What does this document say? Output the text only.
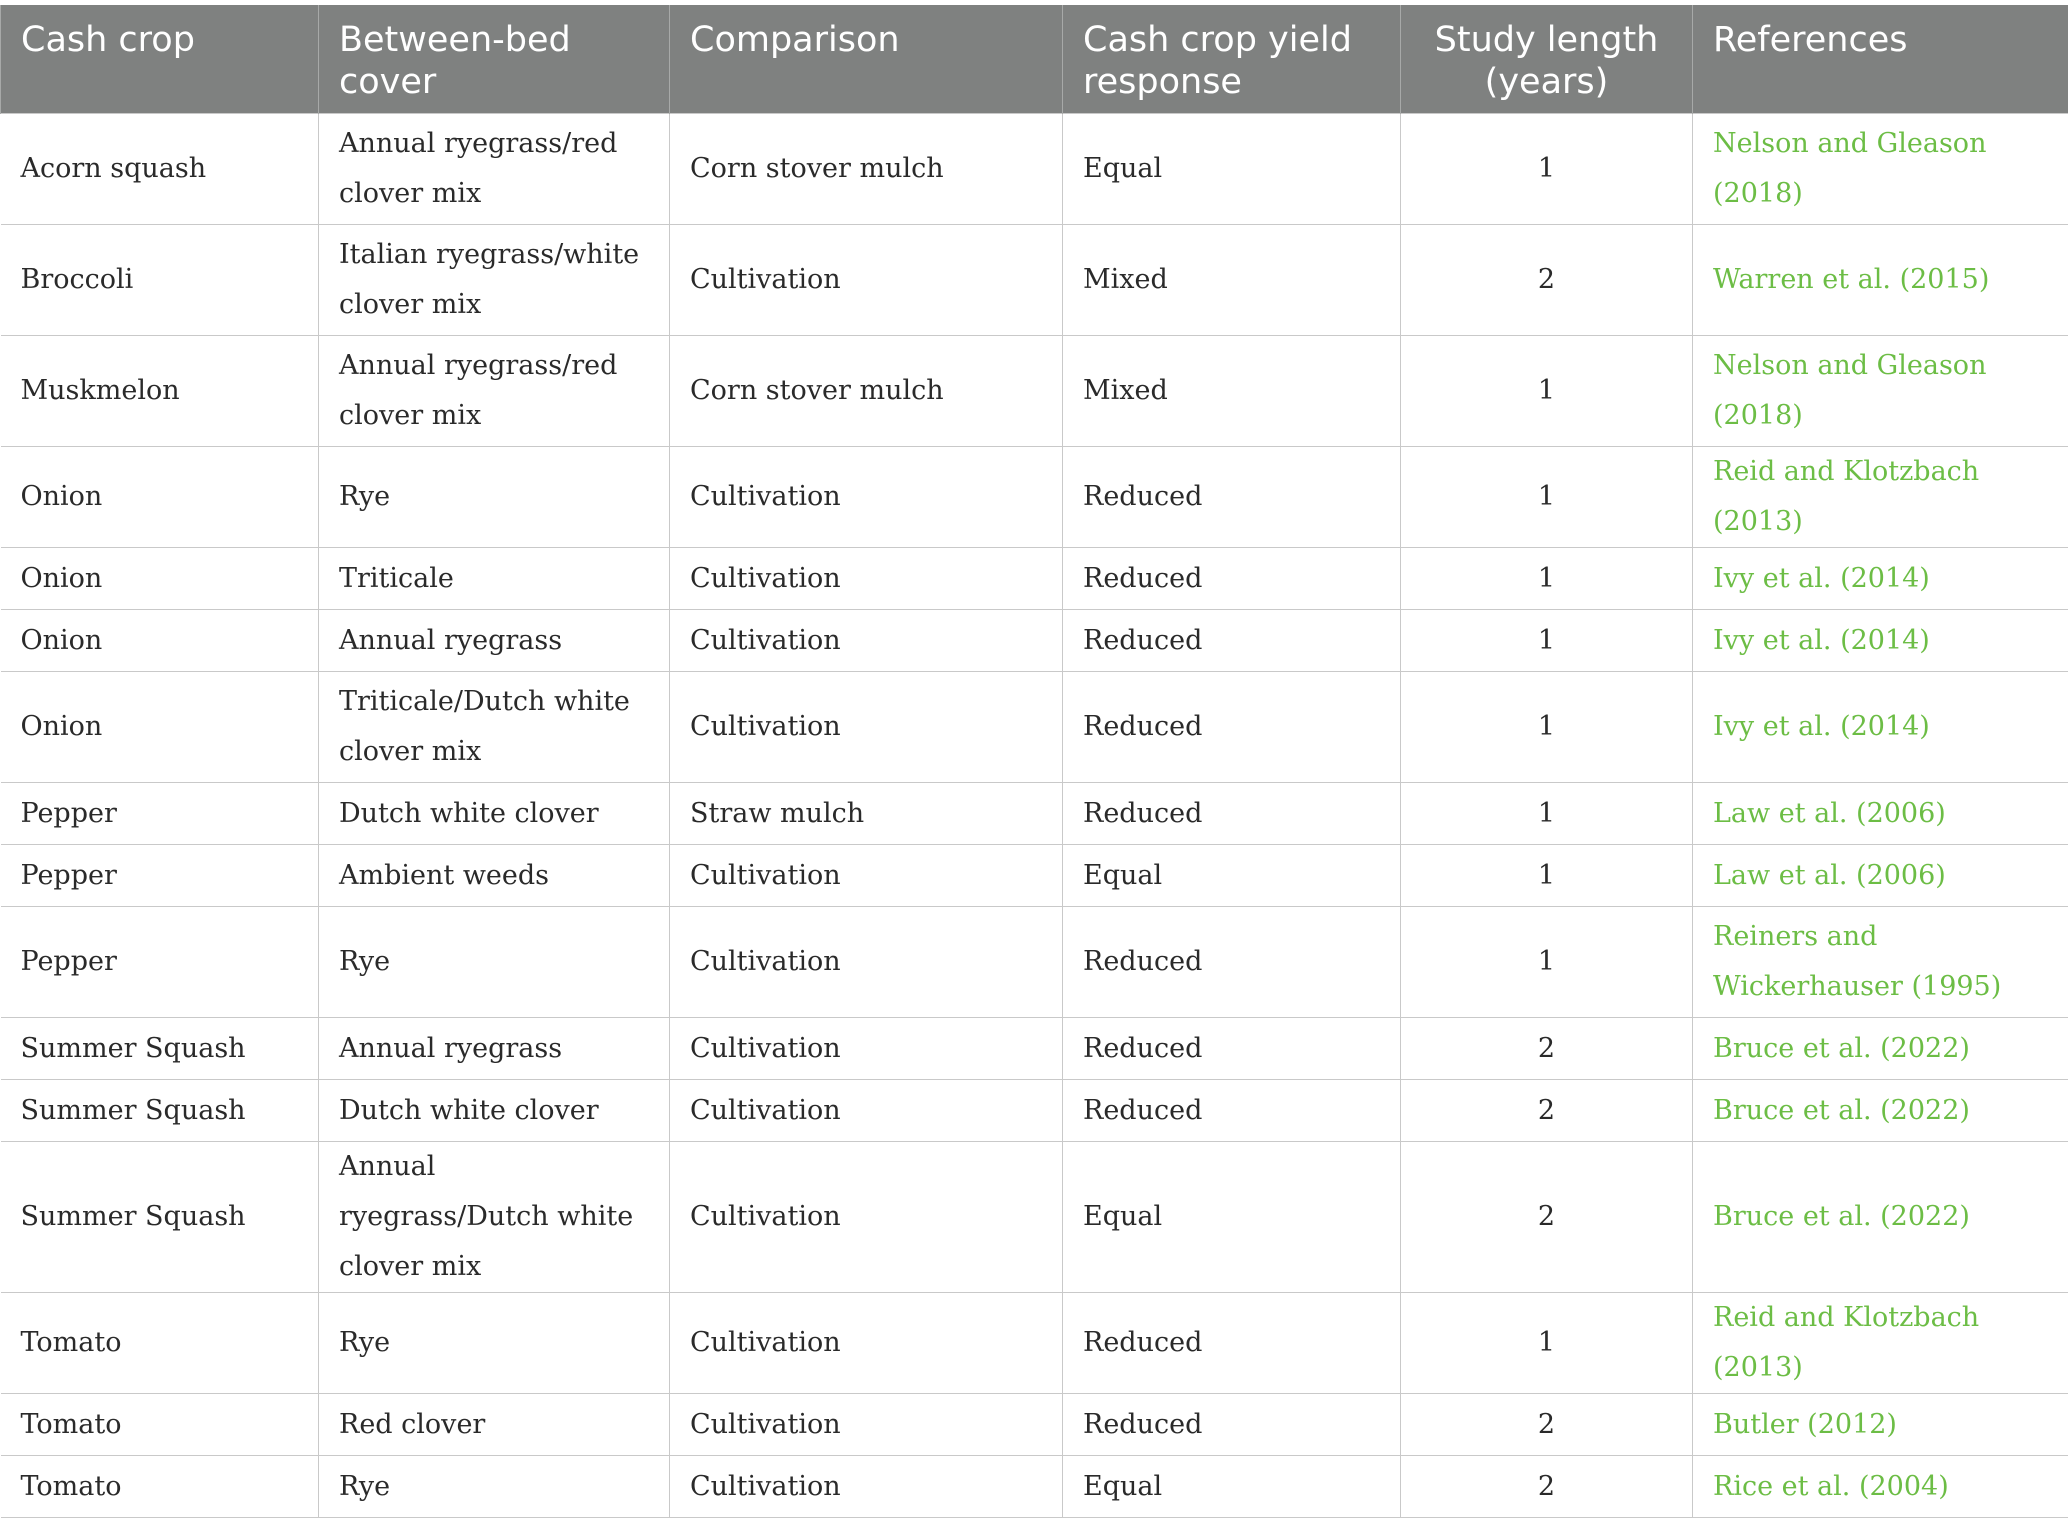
Cash crop	Between-bed cover	Comparison	Cash crop yield response	Study length (years)	References
Acorn squash	Annual ryegrass/red clover mix	Corn stover mulch	Equal	1	Nelson and Gleason (2018)
Broccoli	Italian ryegrass/white clover mix	Cultivation	Mixed	2	Warren et al. (2015)
Muskmelon	Annual ryegrass/red clover mix	Corn stover mulch	Mixed	1	Nelson and Gleason (2018)
Onion	Rye	Cultivation	Reduced	1	Reid and Klotzbach (2013)
Onion	Triticale	Cultivation	Reduced	1	Ivy et al. (2014)
Onion	Annual ryegrass	Cultivation	Reduced	1	Ivy et al. (2014)
Onion	Triticale/Dutch white clover mix	Cultivation	Reduced	1	Ivy et al. (2014)
Pepper	Dutch white clover	Straw mulch	Reduced	1	Law et al. (2006)
Pepper	Ambient weeds	Cultivation	Equal	1	Law et al. (2006)
Pepper	Rye	Cultivation	Reduced	1	Reiners and Wickerhauser (1995)
Summer Squash	Annual ryegrass	Cultivation	Reduced	2	Bruce et al. (2022)
Summer Squash	Dutch white clover	Cultivation	Reduced	2	Bruce et al. (2022)
Summer Squash	Annual ryegrass/Dutch white clover mix	Cultivation	Equal	2	Bruce et al. (2022)
Tomato	Rye	Cultivation	Reduced	1	Reid and Klotzbach (2013)
Tomato	Red clover	Cultivation	Reduced	2	Butler (2012)
Tomato	Rye	Cultivation	Equal	2	Rice et al. (2004)
